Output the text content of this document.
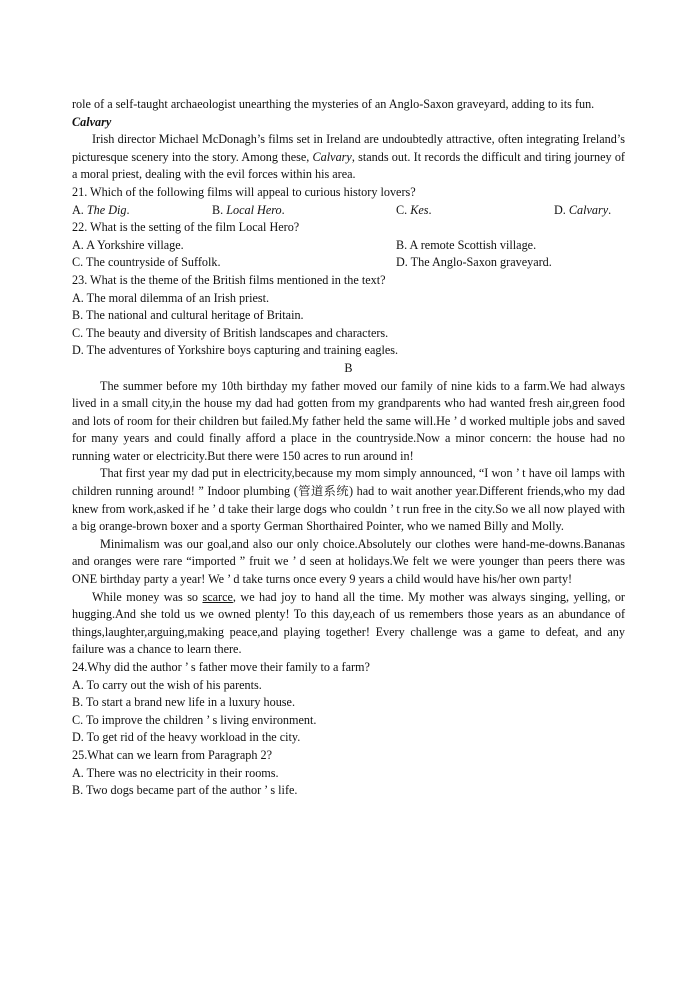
role of a self-taught archaeologist unearthing the mysteries of an Anglo-Saxon graveyard, adding to its fun.

Calvary

Irish director Michael McDonagh’s films set in Ireland are undoubtedly attractive, often integrating Ireland’s picturesque scenery into the story. Among these, Calvary, stands out. It records the difficult and tiring journey of a moral priest, dealing with the evil forces within his area.

21. Which of the following films will appeal to curious history lovers?

A. The Dig.	B. Local Hero.	C. Kes.	D. Calvary.

22. What is the setting of the film Local Hero?

A. A Yorkshire village.	B. A remote Scottish village.
C. The countryside of Suffolk.	D. The Anglo-Saxon graveyard.

23. What is the theme of the British films mentioned in the text?

A. The moral dilemma of an Irish priest.

B. The national and cultural heritage of Britain.

C. The beauty and diversity of British landscapes and characters.

D. The adventures of Yorkshire boys capturing and training eagles.

B

The summer before my 10th birthday my father moved our family of nine kids to a farm.We had always lived in a small city,in the house my dad had gotten from my grandparents who had wanted fresh air,green food and lots of room for their children but failed.My father held the same will.He ’ d worked multiple jobs and saved for many years and could finally afford a place in the countryside.Now a minor concern: the house had no running water or electricity.But there were 150 acres to run around in!

That first year my dad put in electricity,because my mom simply announced, “I won ’ t have oil lamps with children running around! ” Indoor plumbing (管道系统) had to wait another year.Different friends,who my dad knew from work,asked if he ’ d take their large dogs who couldn ’ t run free in the city.So we all now played with a big orange-brown boxer and a sporty German Shorthaired Pointer, who we named Billy and Molly.

Minimalism was our goal,and also our only choice.Absolutely our clothes were hand-me-downs.Bananas and oranges were rare “imported ” fruit we ’ d seen at holidays.We felt we were younger than peers there was ONE birthday party a year! We ’ d take turns once every 9 years a child would have his/her own party!

While money was so scarce, we had joy to hand all the time. My mother was always singing, yelling, or hugging.And she told us we owned plenty! To this day,each of us remembers those years as an abundance of things,laughter,arguing,making peace,and playing together! Every challenge was a game to defeat, and any failure was a chance to learn there.

24.Why did the author ’ s father move their family to a farm?

A. To carry out the wish of his parents.

B. To start a brand new life in a luxury house.

C. To improve the children ’ s living environment.

D. To get rid of the heavy workload in the city.

25.What can we learn from Paragraph 2?

A. There was no electricity in their rooms.

B. Two dogs became part of the author ’ s life.
